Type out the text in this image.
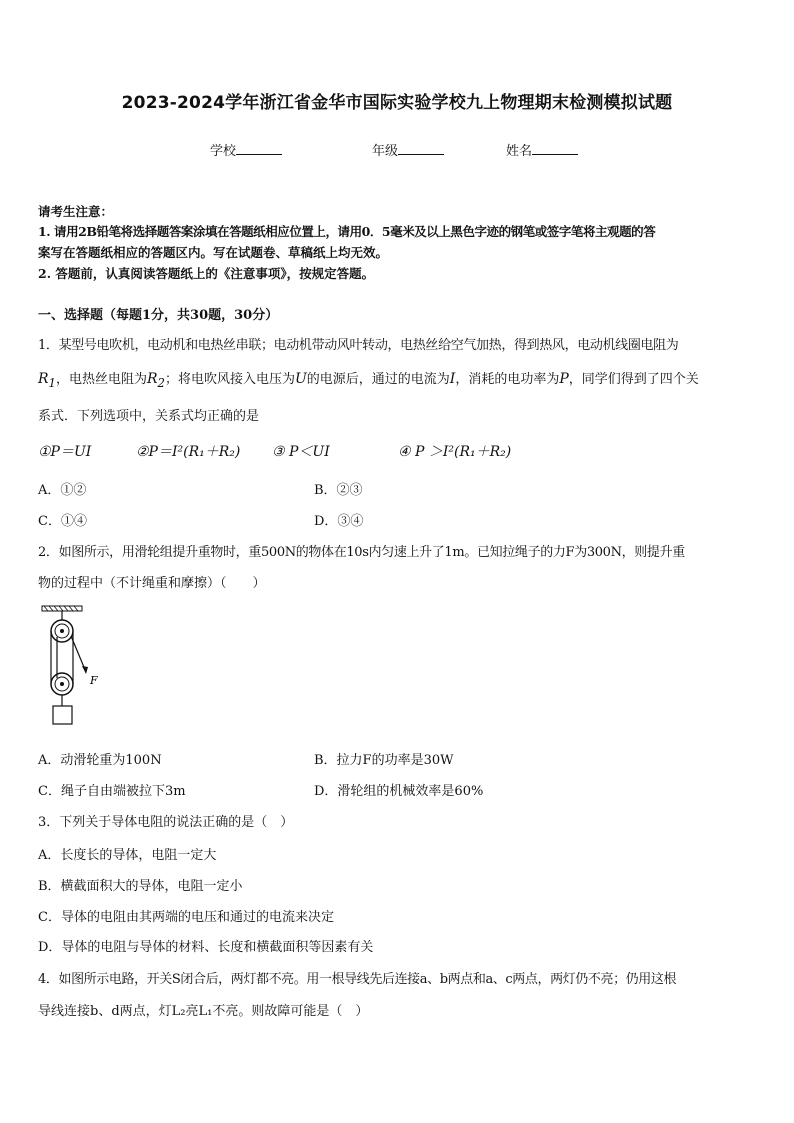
2023-2024学年浙江省金华市国际实验学校九上物理期末检测模拟试题
学校	年级	姓名
请考生注意：
1. 请用2B铅笔将选择题答案涂填在答题纸相应位置上，请用0．5毫米及以上黑色字迹的钢笔或签字笔将主观题的答
案写在答题纸相应的答题区内。写在试题卷、草稿纸上均无效。
2. 答题前，认真阅读答题纸上的《注意事项》，按规定答题。
一、选择题（每题1分，共30题，30分）
1．某型号电吹机，电动机和电热丝串联；电动机带动风叶转动，电热丝给空气加热，得到热风，电动机线圈电阻为
$R_1$，电热丝电阻为$R_2$；将电吹风接入电压为U的电源后，通过的电流为I，消耗的电功率为P，同学们得到了四个关
系式．下列选项中，关系式均正确的是
①P＝UI	②P＝I²(R₁＋R₂) ③ P＜UI	④ P ＞I²(R₁＋R₂)
A．①②	B．②③
C．①④	D．③④
2．如图所示，用滑轮组提升重物时，重500N的物体在10s内匀速上升了1m。已知拉绳子的力F为300N，则提升重
物的过程中（不计绳重和摩擦）（　　）
F
A．动滑轮重为100N	B．拉力F的功率是30W
C．绳子自由端被拉下3m	D．滑轮组的机械效率是60%
3．下列关于导体电阻的说法正确的是（　）
A．长度长的导体，电阻一定大
B．横截面积大的导体，电阻一定小
C．导体的电阻由其两端的电压和通过的电流来决定
D．导体的电阻与导体的材料、长度和横截面积等因素有关
4．如图所示电路，开关S闭合后，两灯都不亮。用一根导线先后连接a、b两点和a、c两点，两灯仍不亮；仍用这根
导线连接b、d两点，灯L₂亮L₁不亮。则故障可能是（　）
